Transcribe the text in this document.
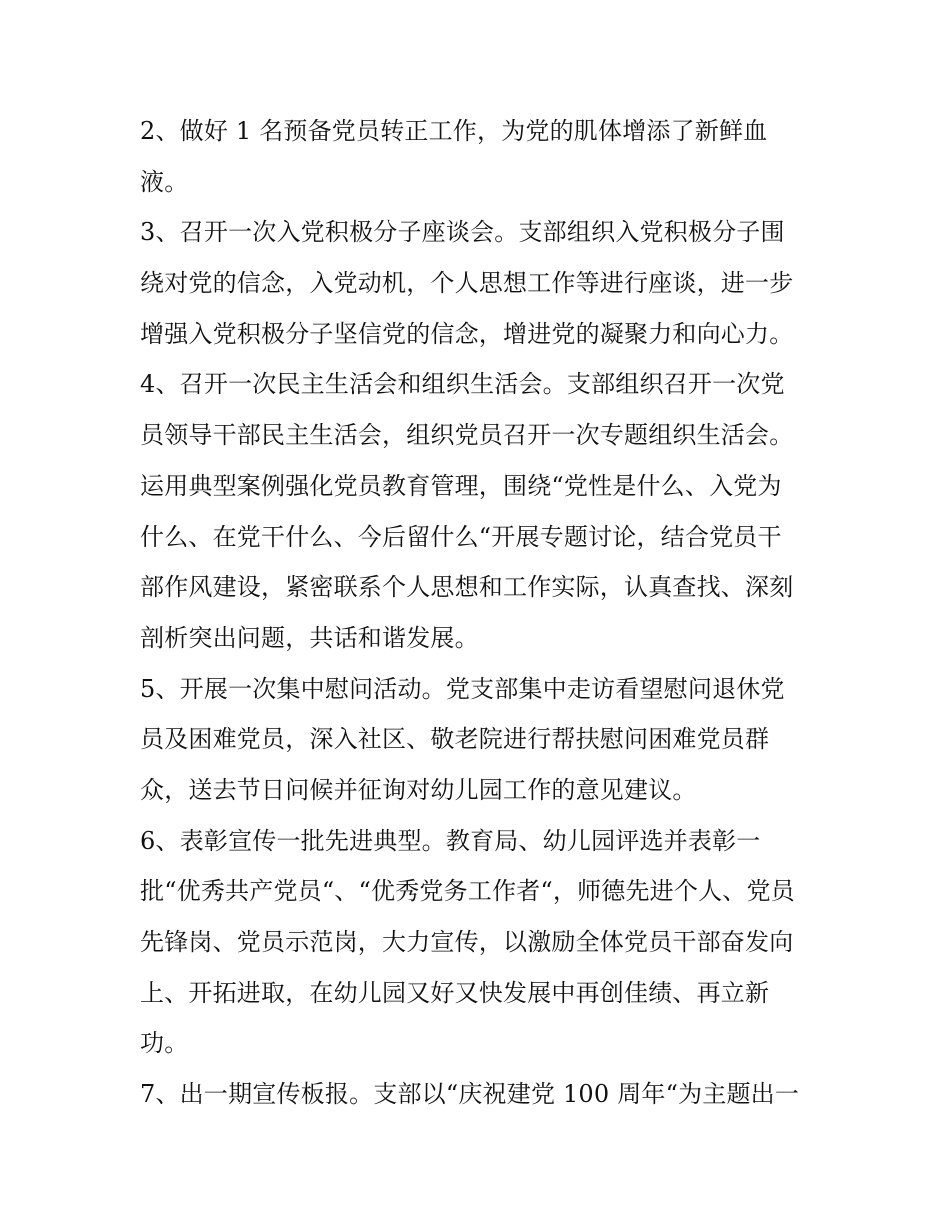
2、做好 1 名预备党员转正工作，为党的肌体增添了新鲜血
液。
3、召开一次入党积极分子座谈会。支部组织入党积极分子围
绕对党的信念，入党动机，个人思想工作等进行座谈，进一步
增强入党积极分子坚信党的信念，增进党的凝聚力和向心力。
4、召开一次民主生活会和组织生活会。支部组织召开一次党
员领导干部民主生活会，组织党员召开一次专题组织生活会。
运用典型案例强化党员教育管理，围绕“党性是什么、入党为
什么、在党干什么、今后留什么“开展专题讨论，结合党员干
部作风建设，紧密联系个人思想和工作实际，认真查找、深刻
剖析突出问题，共话和谐发展。
5、开展一次集中慰问活动。党支部集中走访看望慰问退休党
员及困难党员，深入社区、敬老院进行帮扶慰问困难党员群
众，送去节日问候并征询对幼儿园工作的意见建议。
6、表彰宣传一批先进典型。教育局、幼儿园评选并表彰一
批“优秀共产党员“、“优秀党务工作者“，师德先进个人、党员
先锋岗、党员示范岗，大力宣传，以激励全体党员干部奋发向
上、开拓进取，在幼儿园又好又快发展中再创佳绩、再立新
功。
7、出一期宣传板报。支部以“庆祝建党 100 周年“为主题出一
